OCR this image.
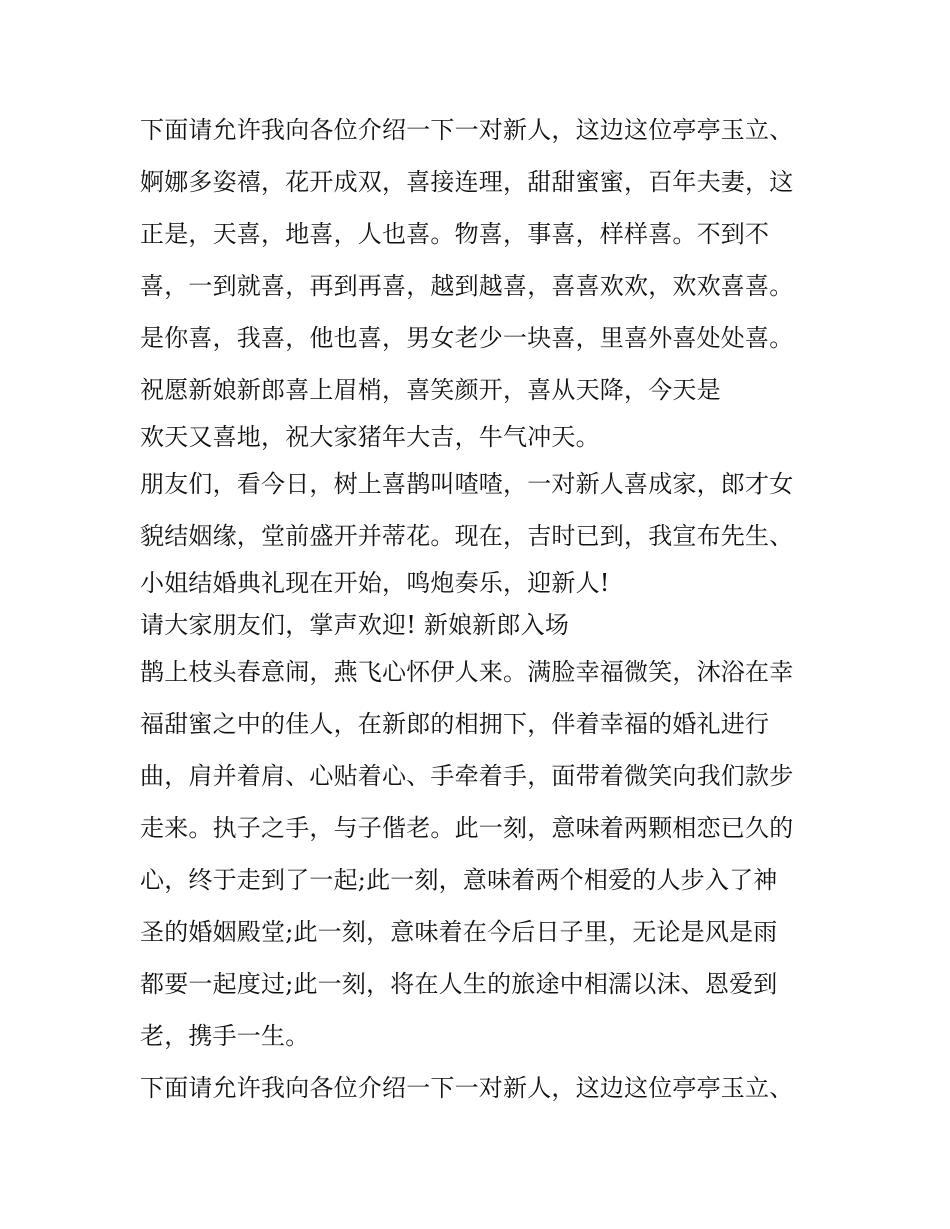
下面请允许我向各位介绍一下一对新人，这边这位亭亭玉立、
婀娜多姿禧，花开成双，喜接连理，甜甜蜜蜜，百年夫妻，这
正是，天喜，地喜，人也喜。物喜，事喜，样样喜。不到不
喜，一到就喜，再到再喜，越到越喜，喜喜欢欢，欢欢喜喜。
是你喜，我喜，他也喜，男女老少一块喜，里喜外喜处处喜。
祝愿新娘新郎喜上眉梢，喜笑颜开，喜从天降，今天是
欢天又喜地，祝大家猪年大吉，牛气冲天。
朋友们，看今日，树上喜鹊叫喳喳，一对新人喜成家，郎才女
貌结姻缘，堂前盛开并蒂花。现在，吉时已到，我宣布先生、
小姐结婚典礼现在开始，鸣炮奏乐，迎新人!
请大家朋友们，掌声欢迎! 新娘新郎入场
鹊上枝头春意闹，燕飞心怀伊人来。满脸幸福微笑，沐浴在幸
福甜蜜之中的佳人，在新郎的相拥下，伴着幸福的婚礼进行
曲，肩并着肩、心贴着心、手牵着手，面带着微笑向我们款步
走来。执子之手，与子偕老。此一刻，意味着两颗相恋已久的
心，终于走到了一起;此一刻，意味着两个相爱的人步入了神
圣的婚姻殿堂;此一刻，意味着在今后日子里，无论是风是雨
都要一起度过;此一刻，将在人生的旅途中相濡以沫、恩爱到
老，携手一生。
下面请允许我向各位介绍一下一对新人，这边这位亭亭玉立、
